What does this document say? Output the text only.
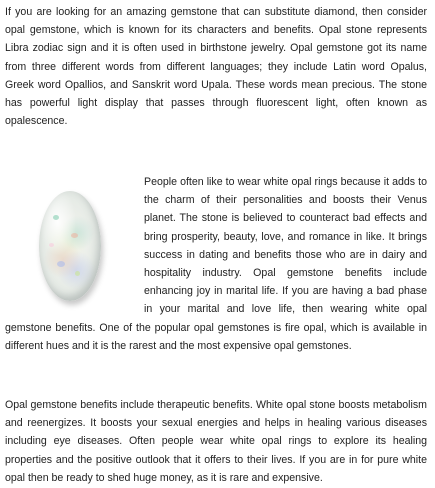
If you are looking for an amazing gemstone that can substitute diamond, then consider opal gemstone, which is known for its characters and benefits. Opal stone represents Libra zodiac sign and it is often used in birthstone jewelry. Opal gemstone got its name from three different words from different languages; they include Latin word Opalus, Greek word Opallios, and Sanskrit word Upala. These words mean precious. The stone has powerful light display that passes through fluorescent light, often known as opalescence.

People often like to wear white opal rings because it adds to the charm of their personalities and boosts their Venus planet. The stone is believed to counteract bad effects and bring prosperity, beauty, love, and romance in like. It brings success in dating and benefits those who are in dairy and hospitality industry. Opal gemstone benefits include enhancing joy in marital life. If you are having a bad phase in your marital and love life, then wearing white opal gemstone benefits. One of the popular opal gemstones is fire opal, which is available in different hues and it is the rarest and the most expensive opal gemstones.

Opal gemstone benefits include therapeutic benefits. White opal stone boosts metabolism and reenergizes. It boosts your sexual energies and helps in healing various diseases including eye diseases. Often people wear white opal rings to explore its healing properties and the positive outlook that it offers to their lives. If you are in for pure white opal then be ready to shed huge money, as it is rare and expensive.
